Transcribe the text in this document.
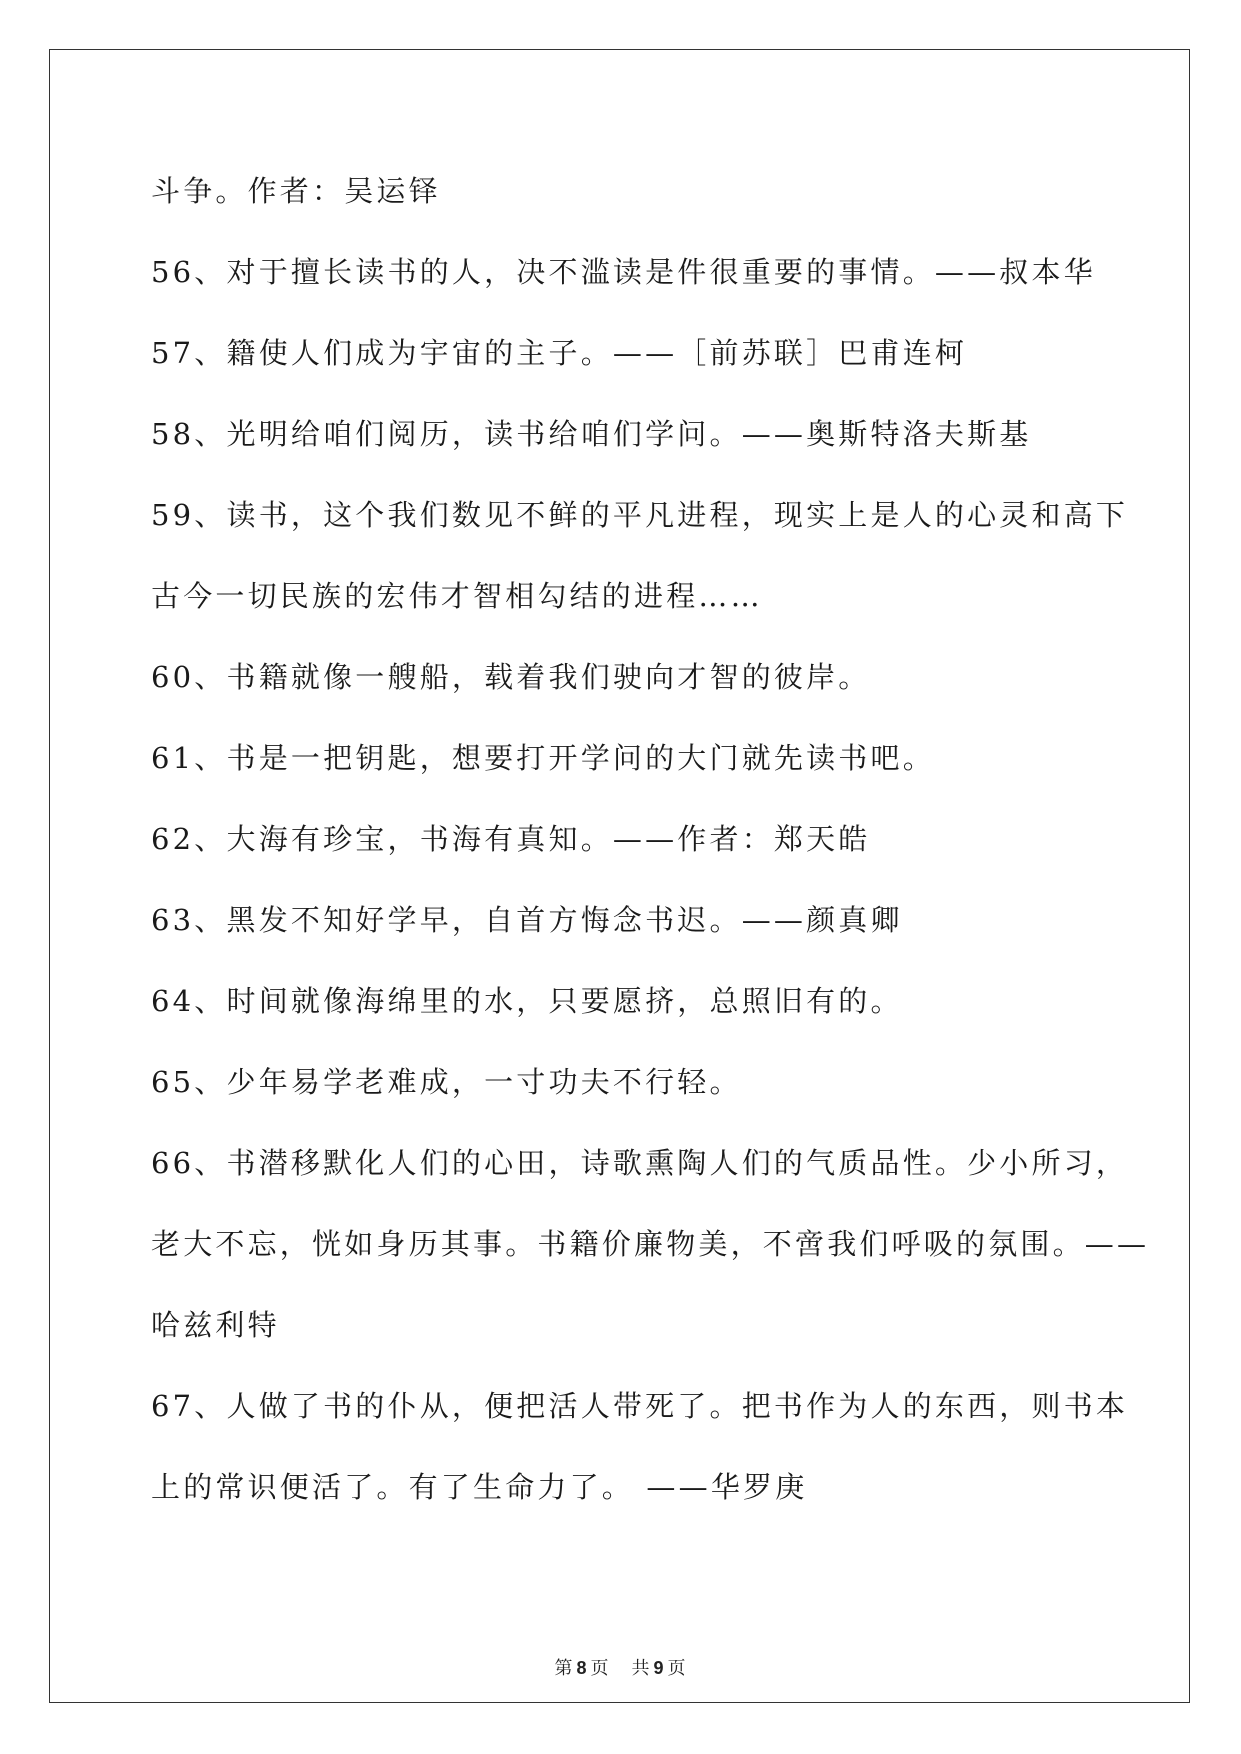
斗争。作者：吴运铎
56、对于擅长读书的人，决不滥读是件很重要的事情。——叔本华
57、籍使人们成为宇宙的主子。——［前苏联］巴甫连柯
58、光明给咱们阅历，读书给咱们学问。——奥斯特洛夫斯基
59、读书，这个我们数见不鲜的平凡进程，现实上是人的心灵和高下
古今一切民族的宏伟才智相勾结的进程……
60、书籍就像一艘船，载着我们驶向才智的彼岸。
61、书是一把钥匙，想要打开学问的大门就先读书吧。
62、大海有珍宝，书海有真知。——作者：郑天皓
63、黑发不知好学早，自首方悔念书迟。——颜真卿
64、时间就像海绵里的水，只要愿挤，总照旧有的。
65、少年易学老难成，一寸功夫不行轻。
66、书潜移默化人们的心田，诗歌熏陶人们的气质品性。少小所习，
老大不忘，恍如身历其事。书籍价廉物美，不啻我们呼吸的氛围。——
哈兹利特
67、人做了书的仆从，便把活人带死了。把书作为人的东西，则书本
上的常识便活了。有了生命力了。 ——华罗庚
第 8 页 共 9 页
